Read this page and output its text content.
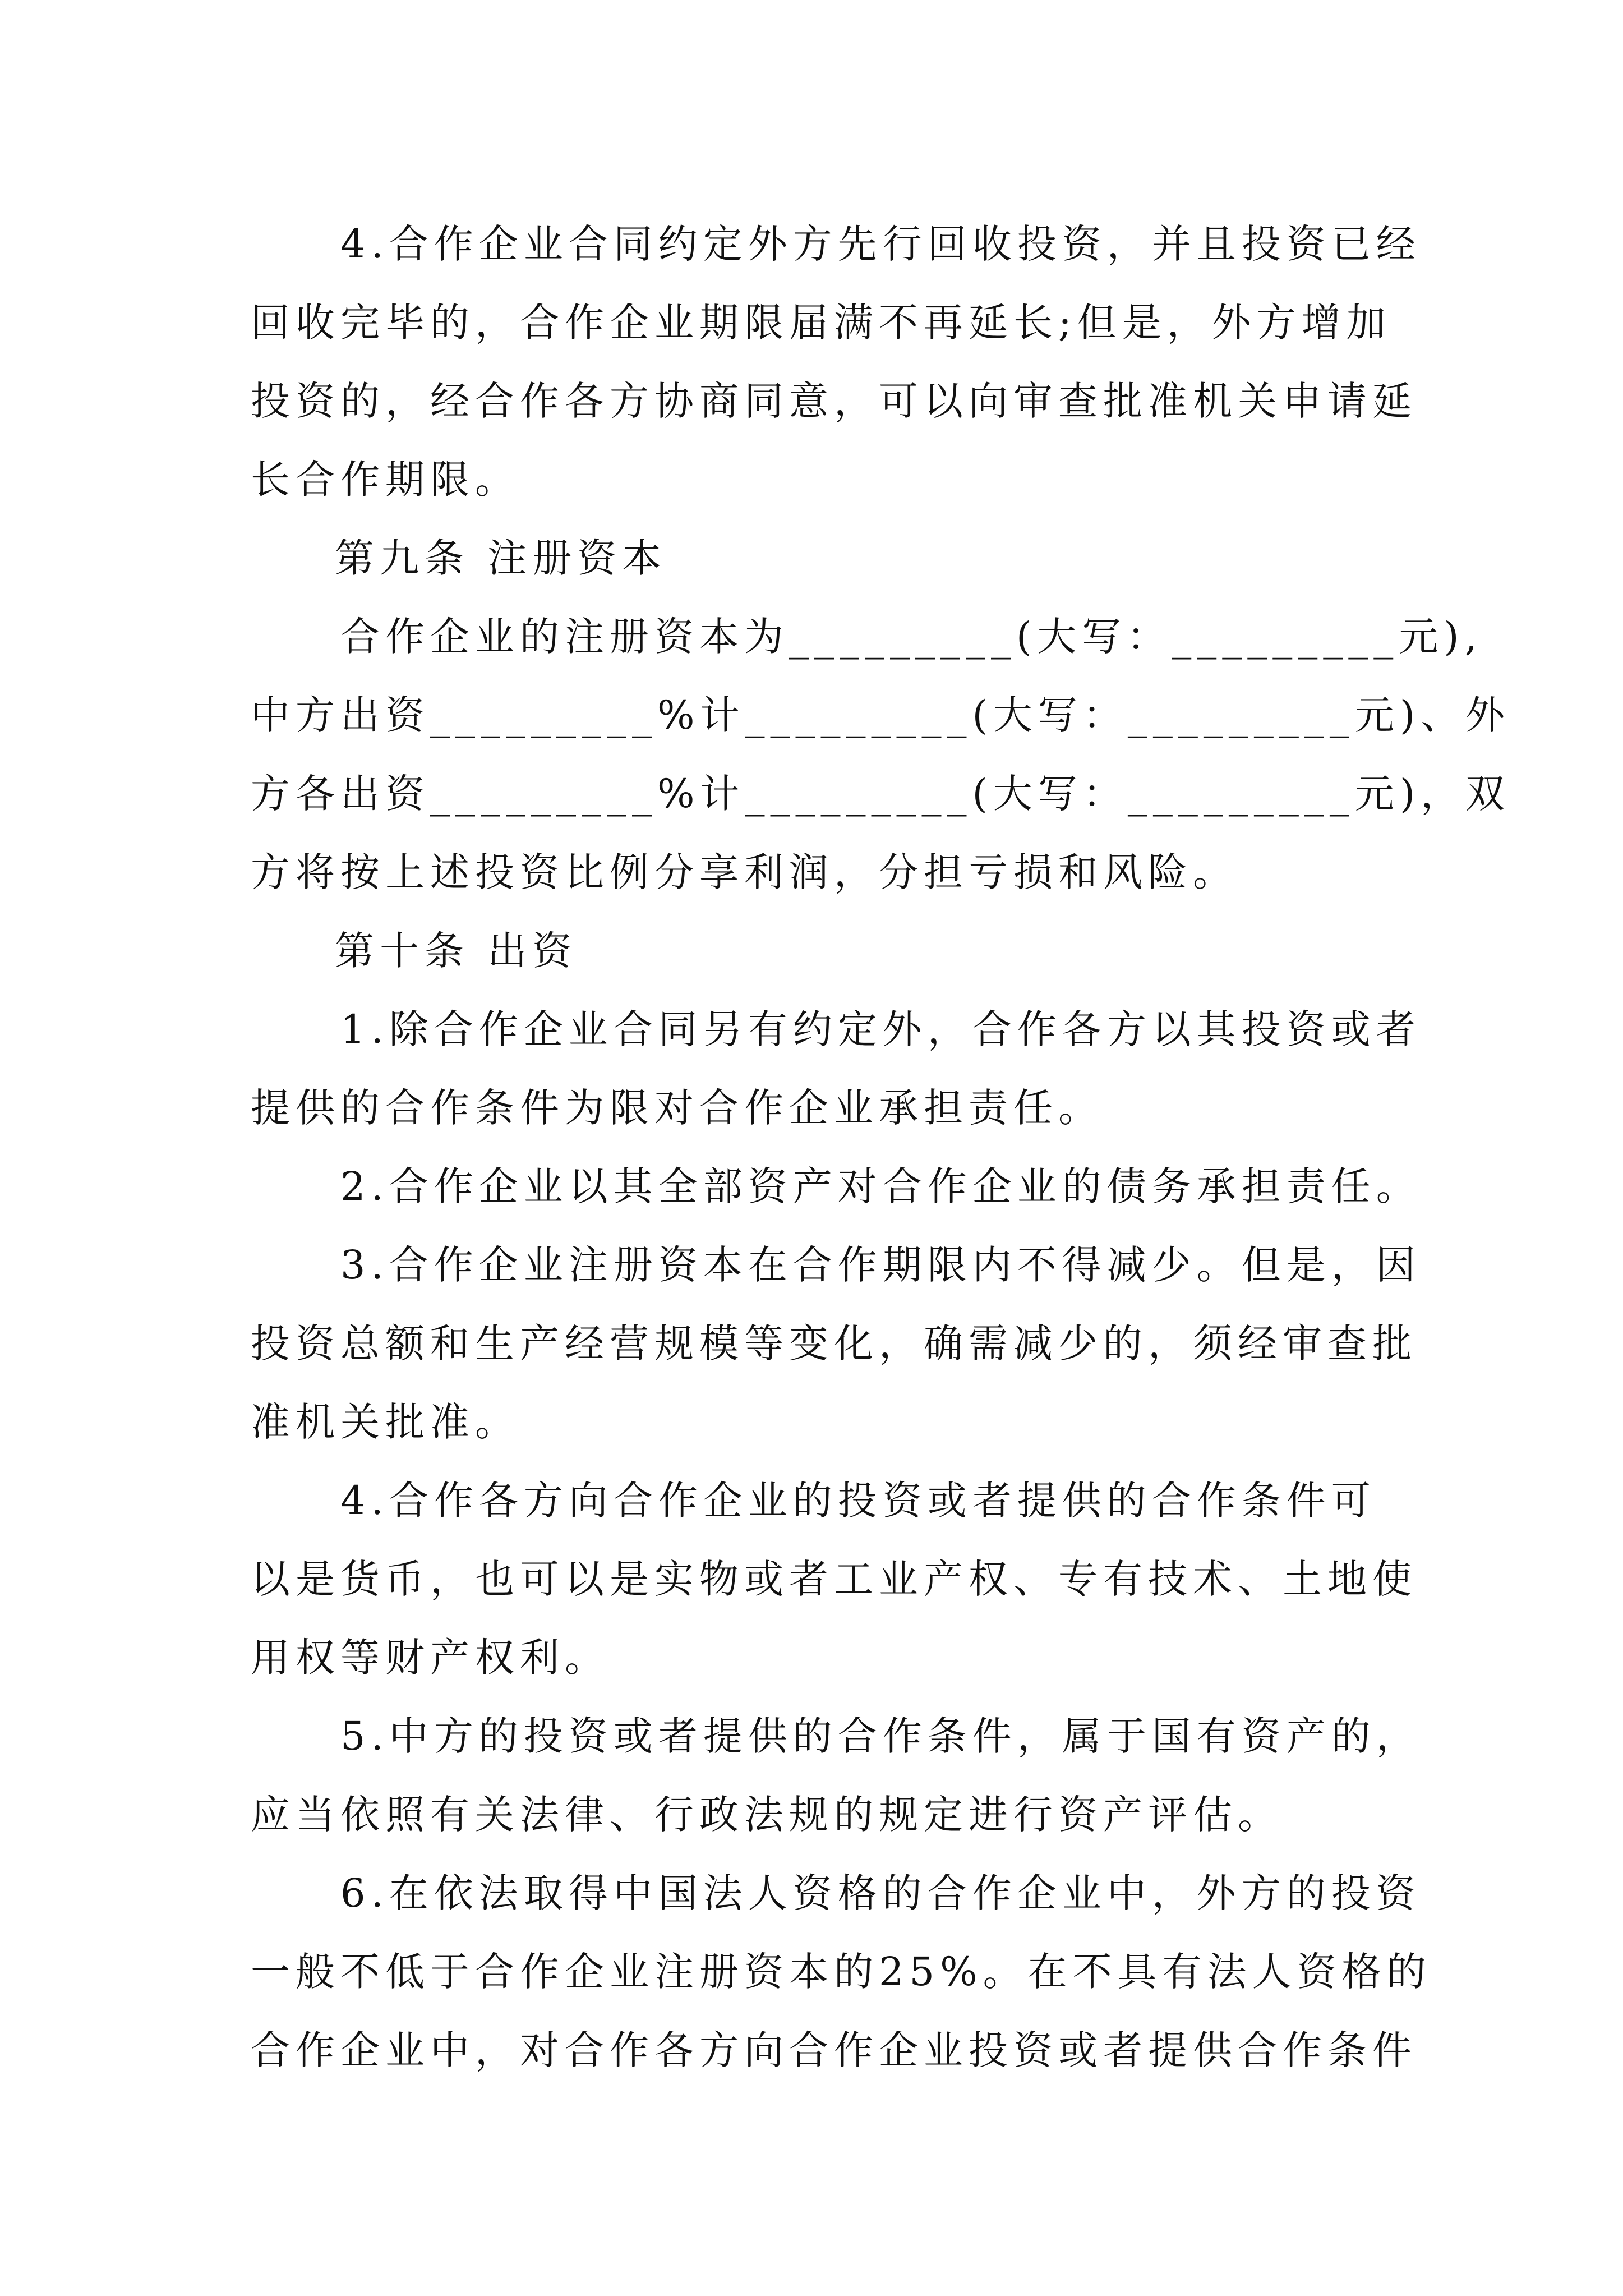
4.合作企业合同约定外方先行回收投资，并且投资已经
回收完毕的，合作企业期限届满不再延长;但是，外方增加
投资的，经合作各方协商同意，可以向审查批准机关申请延
长合作期限。
第九条 注册资本
合作企业的注册资本为_________(大写：_________元),
中方出资_________%计_________(大写：_________元)、外
方各出资_________%计_________(大写：_________元)，双
方将按上述投资比例分享利润，分担亏损和风险。
第十条 出资
1.除合作企业合同另有约定外，合作各方以其投资或者
提供的合作条件为限对合作企业承担责任。
2.合作企业以其全部资产对合作企业的债务承担责任。
3.合作企业注册资本在合作期限内不得减少。但是，因
投资总额和生产经营规模等变化，确需减少的，须经审查批
准机关批准。
4.合作各方向合作企业的投资或者提供的合作条件可
以是货币，也可以是实物或者工业产权、专有技术、土地使
用权等财产权利。
5.中方的投资或者提供的合作条件，属于国有资产的，
应当依照有关法律、行政法规的规定进行资产评估。
6.在依法取得中国法人资格的合作企业中，外方的投资
一般不低于合作企业注册资本的25%。在不具有法人资格的
合作企业中，对合作各方向合作企业投资或者提供合作条件
